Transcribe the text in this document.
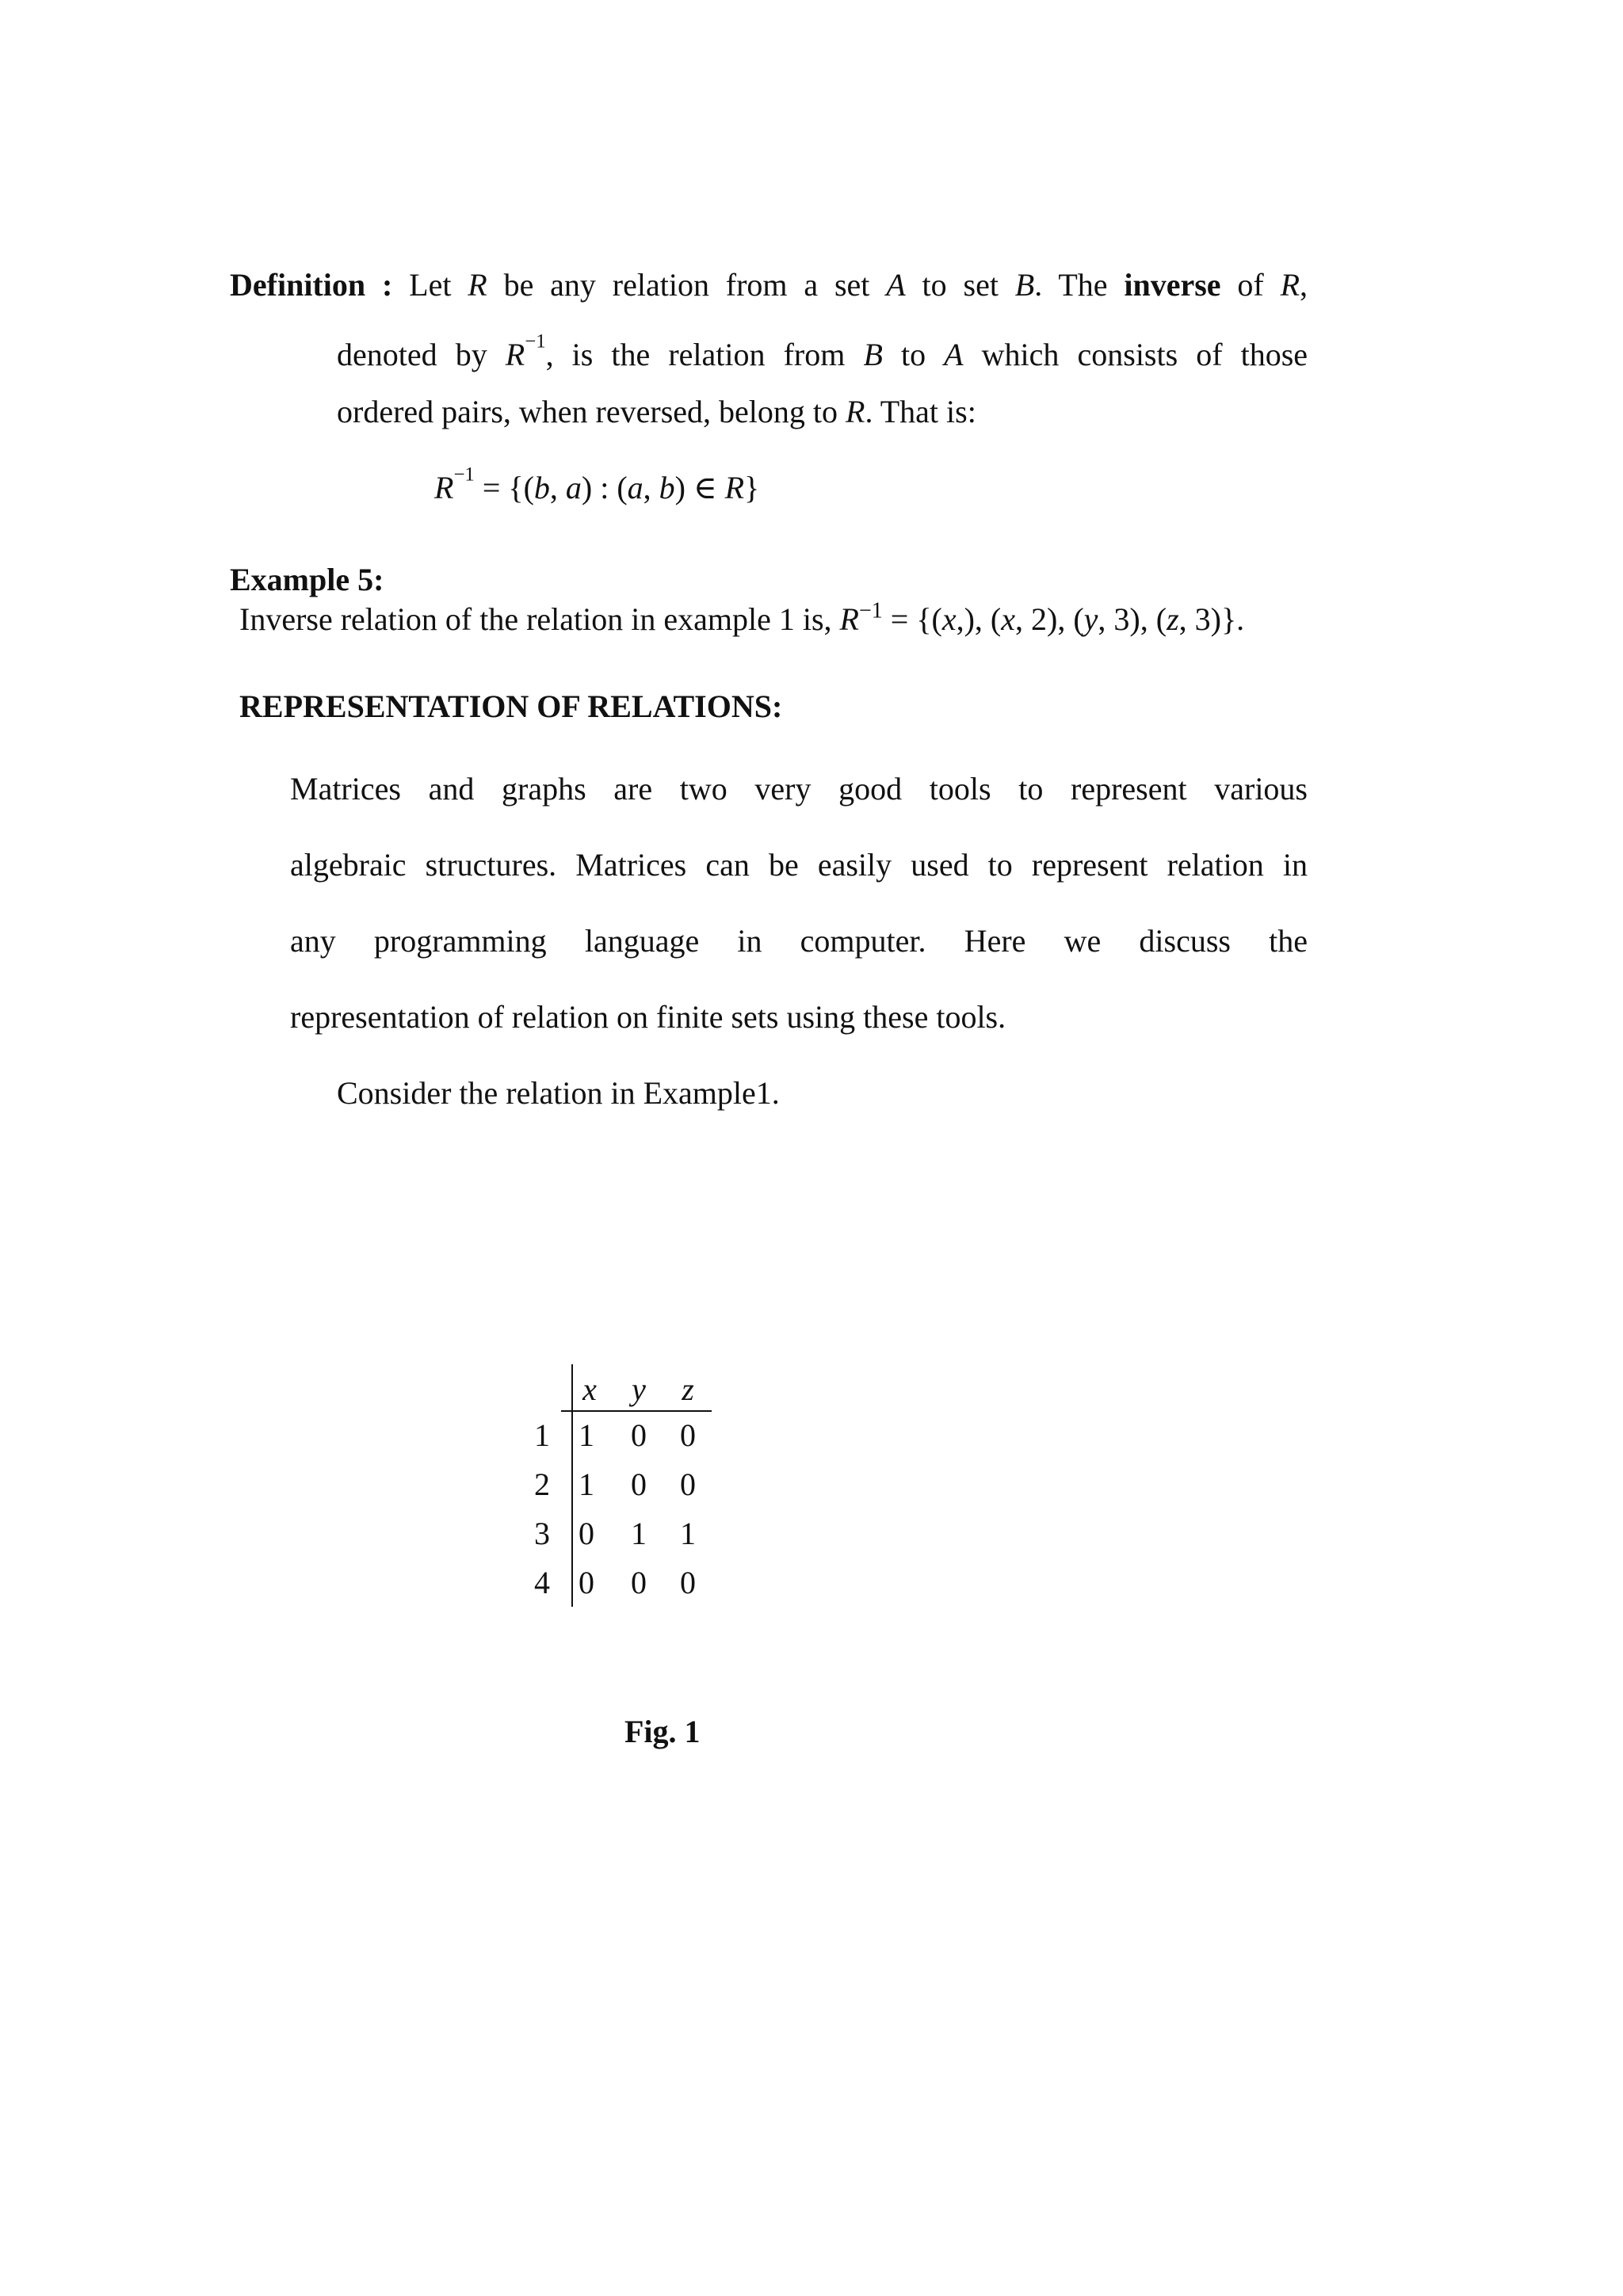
Definition : Let R be any relation from a set A to set B. The inverse of R,
denoted by $R^{-1}$, is the relation from B to A which consists of those
ordered pairs, when reversed, belong to R. That is:
$R^{-1} = \{(b$, a) : (a, b) ∈ R}
Example 5:
Inverse relation of the relation in example 1 is, $R^{-1} = \{(x,)$, (x, 2), (y, 3), (z, 3)}.
REPRESENTATION OF RELATIONS:
Matrices and graphs are two very good tools to represent various
algebraic structures. Matrices can be easily used to represent relation in
any programming language in computer. Here we discuss the
representation of relation on finite sets using these tools.
Consider the relation in Example1.
x y	z
1 1 0 0
2 1 0 0
3 0 1 1
4 0 0 0
Fig. 1
